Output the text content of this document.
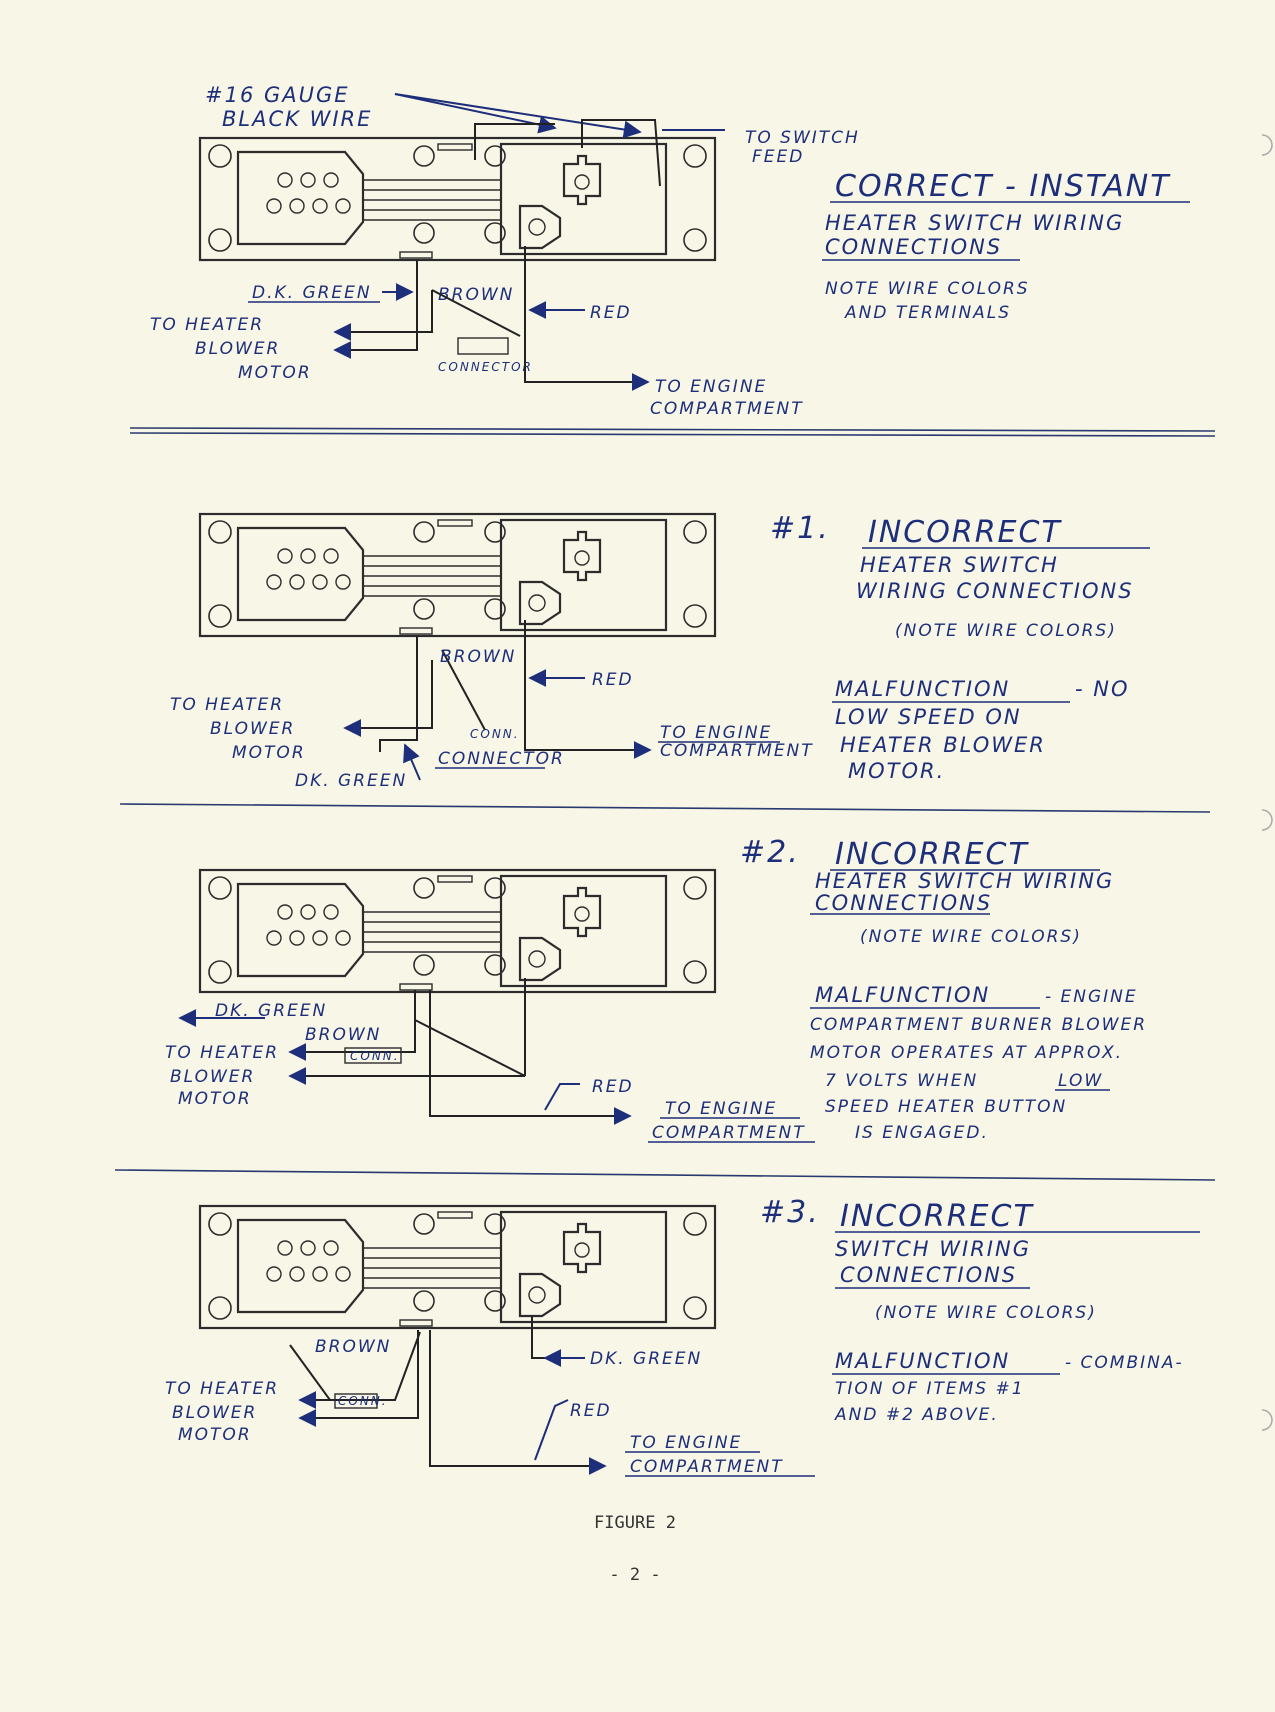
#16 GAUGE
BLACK WIRE
TO SWITCH
FEED
CORRECT - INSTANT
HEATER SWITCH WIRING
CONNECTIONS
NOTE WIRE COLORS
AND TERMINALS
D.K. GREEN	BROWN
CONNECTOR
RED
TO HEATER
BLOWER
MOTOR
TO ENGINE
COMPARTMENT
#1. INCORRECT
HEATER SWITCH
WIRING CONNECTIONS
(NOTE WIRE COLORS)
MALFUNCTION	- NO
LOW SPEED ON
HEATER BLOWER
MOTOR.
BROWN
CONN.
RED
TO HEATER
BLOWER
MOTOR	CONNECTOR
DK. GREEN
TO ENGINE
COMPARTMENT
#2. INCORRECT
HEATER SWITCH WIRING
CONNECTIONS
(NOTE WIRE COLORS)
MALFUNCTION	- ENGINE
COMPARTMENT BURNER BLOWER
MOTOR OPERATES AT APPROX.
7 VOLTS WHEN	LOW
SPEED HEATER BUTTON
IS ENGAGED.
DK. GREEN
BROWN
CONN.
RED
TO HEATER
BLOWER
MOTOR	TO ENGINE
COMPARTMENT
#3. INCORRECT
SWITCH WIRING
CONNECTIONS
(NOTE WIRE COLORS)
MALFUNCTION	- COMBINA-
TION OF ITEMS #1
AND #2 ABOVE.
BROWN
CONN.
DK. GREEN
RED
TO HEATER
BLOWER
MOTOR	TO ENGINE
COMPARTMENT
FIGURE 2
- 2 -
